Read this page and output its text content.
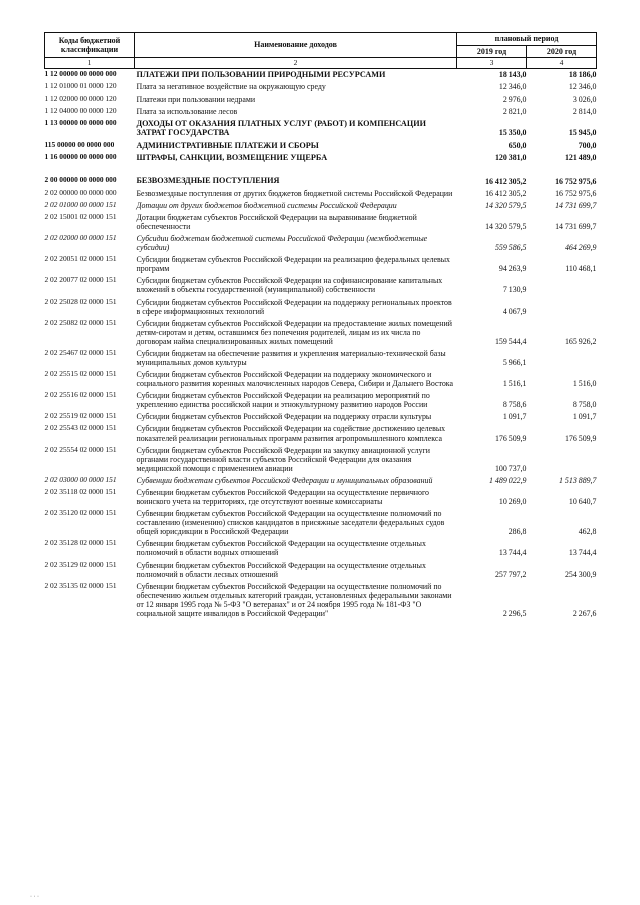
Коды бюджетной классификации	Наименование доходов	плановый период	
		2019 год	2020 год
1	2	3	4
1 12 00000 00 0000 000	ПЛАТЕЖИ ПРИ ПОЛЬЗОВАНИИ ПРИРОДНЫМИ РЕСУРСАМИ	18 143,0	18 186,0
1 12 01000 01 0000 120	Плата за негативное воздействие на окружающую среду	12 346,0	12 346,0
1 12 02000 00 0000 120	Платежи при пользовании недрами	2 976,0	3 026,0
1 12 04000 00 0000 120	Плата за использование лесов	2 821,0	2 814,0
1 13 00000 00 0000 000	ДОХОДЫ ОТ ОКАЗАНИЯ ПЛАТНЫХ УСЛУГ (РАБОТ) И КОМПЕНСАЦИИ ЗАТРАТ ГОСУДАРСТВА	15 350,0	15 945,0
115 00000 00 0000 000	АДМИНИСТРАТИВНЫЕ ПЛАТЕЖИ И СБОРЫ	650,0	700,0
1 16 00000 00 0000 000	ШТРАФЫ, САНКЦИИ, ВОЗМЕЩЕНИЕ УЩЕРБА	120 381,0	121 489,0

2 00 00000 00 0000 000	БЕЗВОЗМЕЗДНЫЕ ПОСТУПЛЕНИЯ	16 412 305,2	16 752 975,6
2 02 00000 00 0000 000	Безвозмездные поступления от других бюджетов бюджетной системы Российской Федерации	16 412 305,2	16 752 975,6
2 02 01000 00 0000 151	Дотации от других бюджетов бюджетной системы Российской Федерации	14 320 579,5	14 731 699,7
2 02 15001 02 0000 151	Дотации бюджетам субъектов Российской Федерации на выравнивание бюджетной обеспеченности	14 320 579,5	14 731 699,7
2 02 02000 00 0000 151	Субсидии бюджетам бюджетной системы Российской Федерации (межбюджетные субсидии)	559 586,5	464 269,9
2 02 20051 02 0000 151	Субсидии бюджетам субъектов Российской Федерации на реализацию федеральных целевых программ	94 263,9	110 468,1
2 02 20077 02 0000 151	Субсидии бюджетам субъектов Российской Федерации на софинансирование капитальных вложений в объекты государственной (муниципальной) собственности	7 130,9	
2 02 25028 02 0000 151	Субсидии бюджетам субъектов Российской Федерации на поддержку региональных проектов в сфере информационных технологий	4 067,9	
2 02 25082 02 0000 151	Субсидии бюджетам субъектов Российской Федерации на предоставление жилых помещений детям-сиротам и детям, оставшимся без попечения родителей, лицам из их числа по договорам найма специализированных жилых помещений	159 544,4	165 926,2
2 02 25467 02 0000 151	Субсидии бюджетам на обеспечение развития и укрепления материально-технической базы муниципальных домов культуры	5 966,1	
2 02 25515 02 0000 151	Субсидии бюджетам субъектов Российской Федерации на поддержку экономического и социального развития коренных малочисленных народов Севера, Сибири и Дальнего Востока	1 516,1	1 516,0
2 02 25516 02 0000 151	Субсидии бюджетам субъектов Российской Федерации на реализацию мероприятий по укреплению единства российской нации и этнокультурному развитию народов России	8 758,6	8 758,0
2 02 25519 02 0000 151	Субсидии бюджетам субъектов Российской Федерации на поддержку отрасли культуры	1 091,7	1 091,7
2 02 25543 02 0000 151	Субсидии бюджетам субъектов Российской Федерации на содействие достижению целевых показателей реализации региональных программ развития агропромышленного комплекса	176 509,9	176 509,9
2 02 25554 02 0000 151	Субсидии бюджетам субъектов Российской Федерации на закупку авиационной услуги органами государственной власти субъектов Российской Федерации для оказания медицинской помощи с применением авиации	100 737,0	
2 02 03000 00 0000 151	Субвенции бюджетам субъектов Российской Федерации и муниципальных образований	1 489 022,9	1 513 889,7
2 02 35118 02 0000 151	Субвенции бюджетам субъектов Российской Федерации на осуществление первичного воинского учета на территориях, где отсутствуют военные комиссариаты	10 269,0	10 640,7
2 02 35120 02 0000 151	Субвенции бюджетам субъектов Российской Федерации на осуществление полномочий по составлению (изменению) списков кандидатов в присяжные заседатели федеральных судов общей юрисдикции в Российской Федерации	286,8	462,8
2 02 35128 02 0000 151	Субвенции бюджетам субъектов Российской Федерации на осуществление отдельных полномочий в области водных отношений	13 744,4	13 744,4
2 02 35129 02 0000 151	Субвенции бюджетам субъектов Российской Федерации на осуществление отдельных полномочий в области лесных отношений	257 797,2	254 300,9
2 02 35135 02 0000 151	Субвенции бюджетам субъектов Российской Федерации на осуществление полномочий по обеспечению жильем отдельных категорий граждан, установленных федеральными законами от 12 января 1995 года № 5-ФЗ "О ветеранах" и от 24 ноября 1995 года № 181-ФЗ "О социальной защите инвалидов в Российской Федерации"	2 296,5	2 267,6
· · ·
